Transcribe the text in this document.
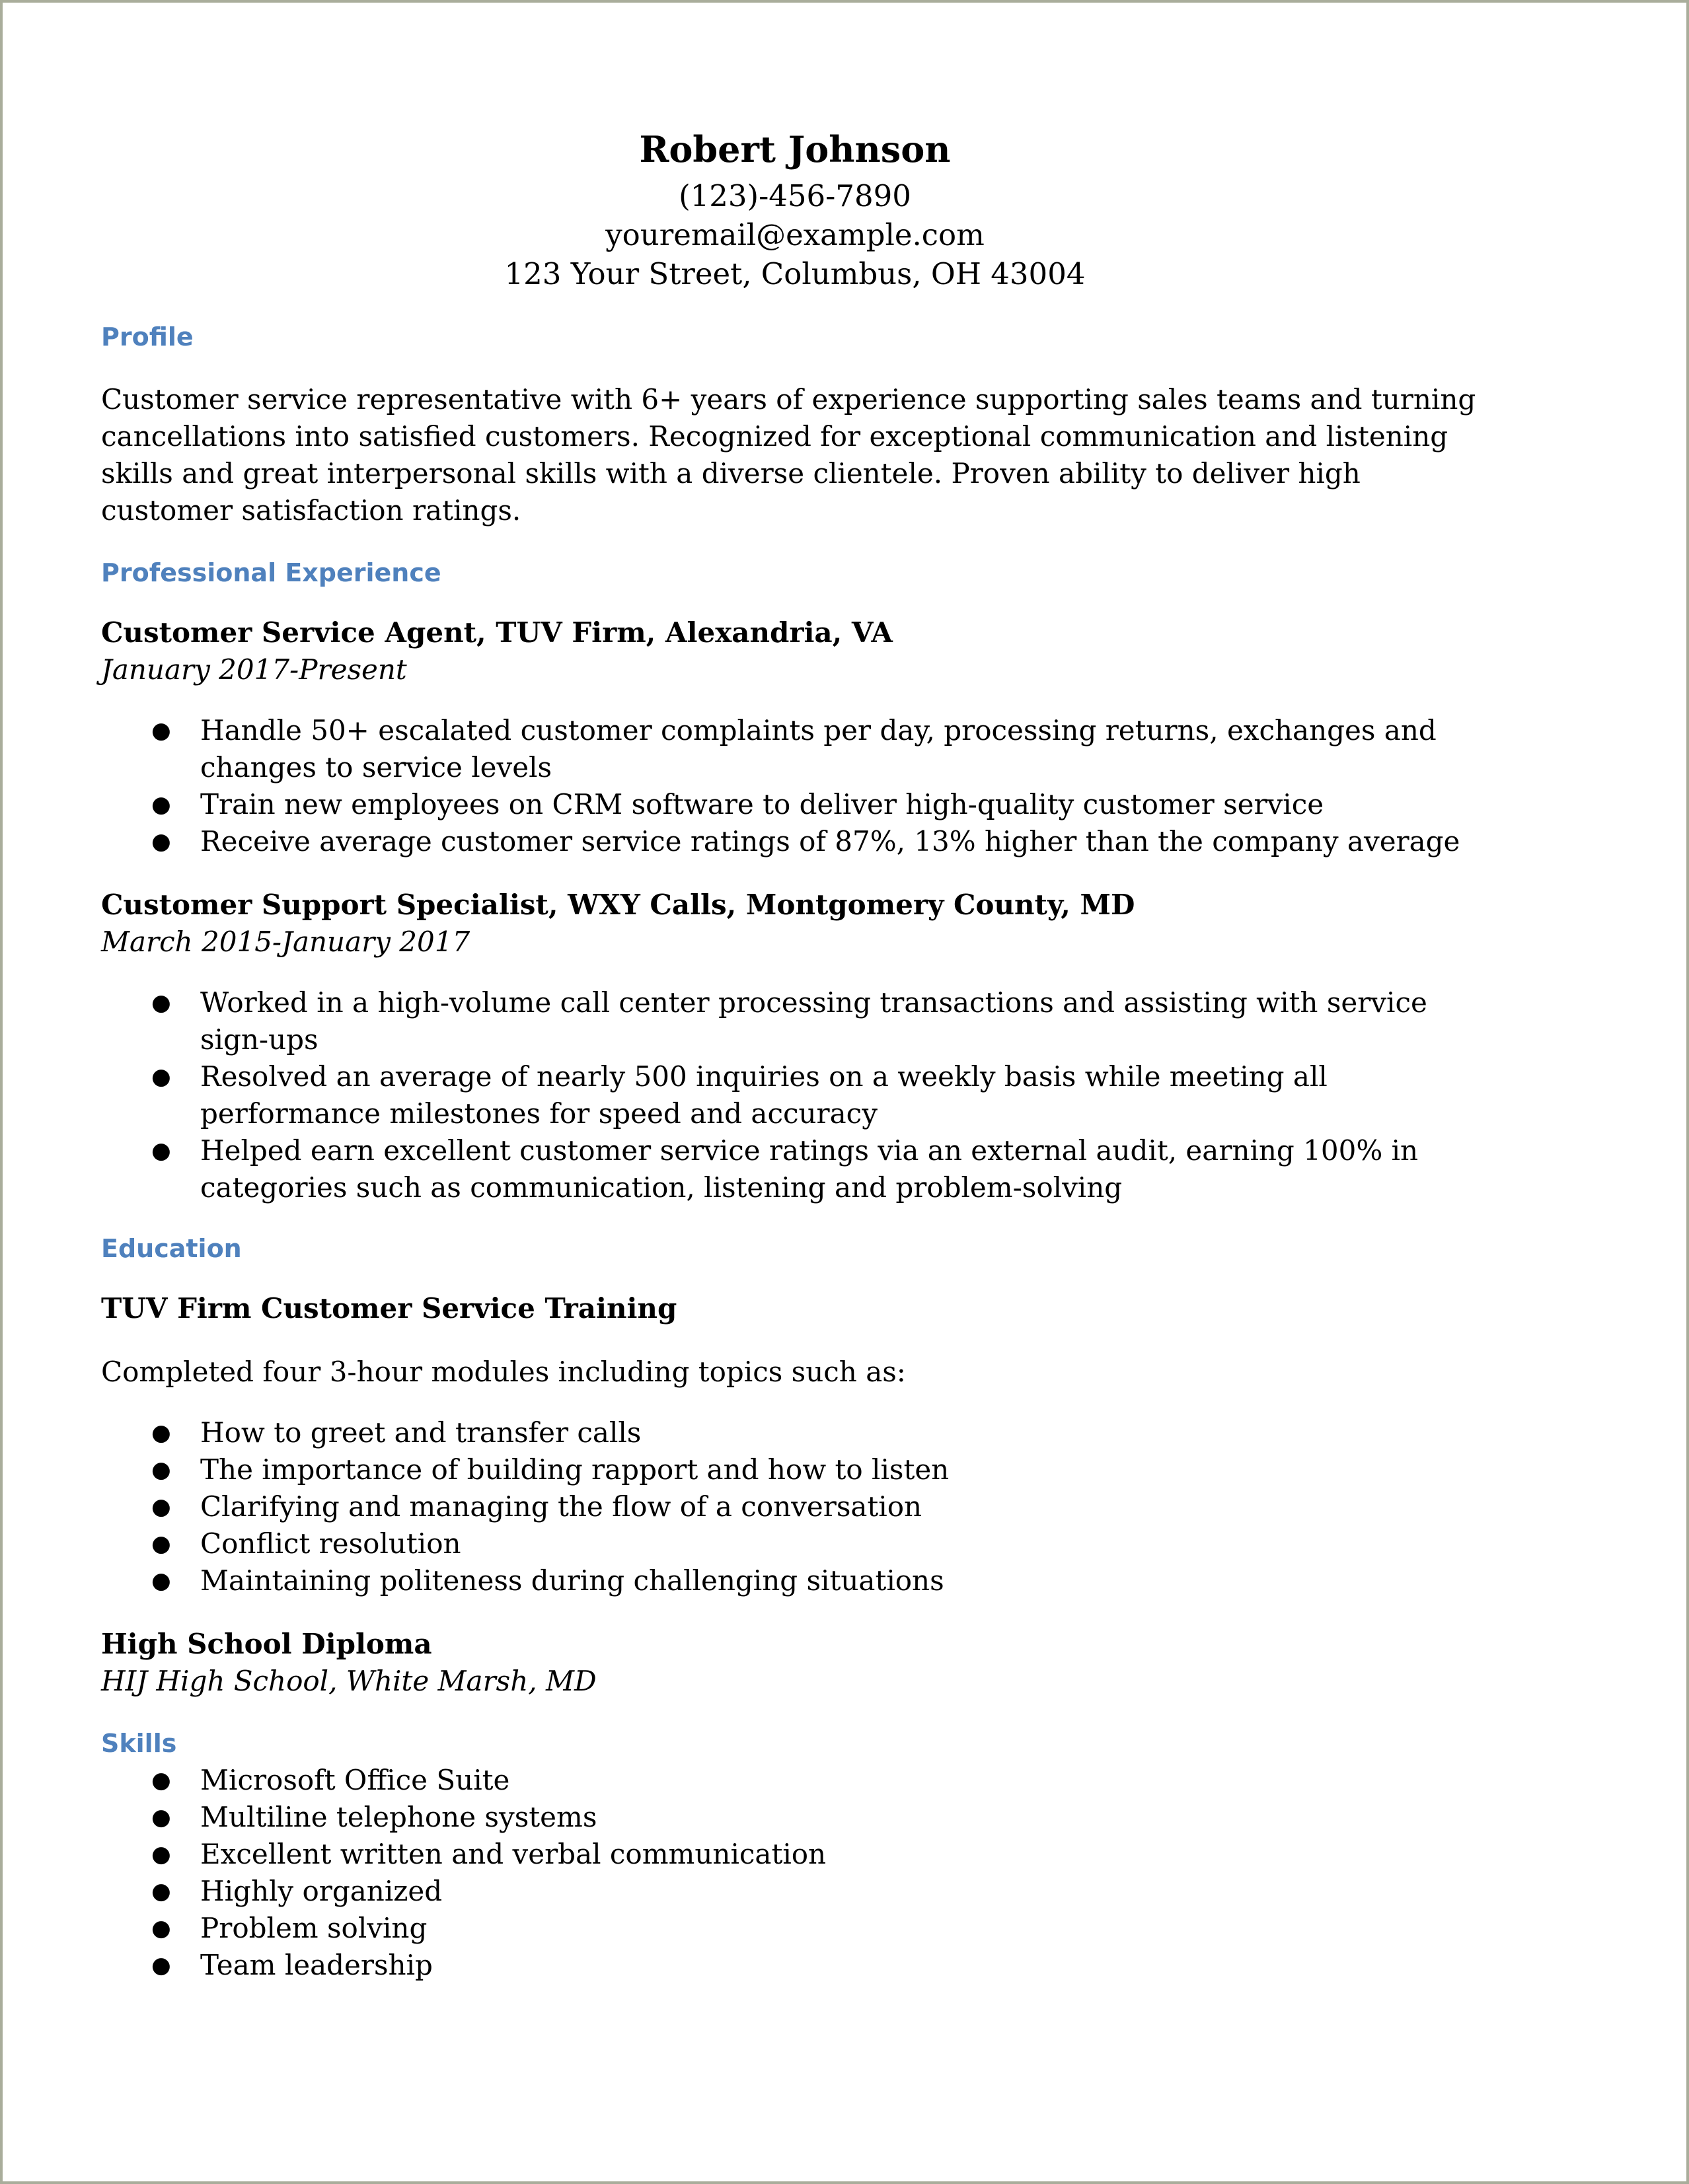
Robert Johnson
(123)-456-7890
youremail@example.com
123 Your Street, Columbus, OH 43004
Profile

Customer service representative with 6+ years of experience supporting sales teams and turning cancellations into satisfied customers. Recognized for exceptional communication and listening skills and great interpersonal skills with a diverse clientele. Proven ability to deliver high customer satisfaction ratings.

Professional Experience

Customer Service Agent, TUV Firm, Alexandria, VA

January 2017-Present

● Handle 50+ escalated customer complaints per day, processing returns, exchanges and changes to service levels
● Train new employees on CRM software to deliver high-quality customer service
● Receive average customer service ratings of 87%, 13% higher than the company average

Customer Support Specialist, WXY Calls, Montgomery County, MD

March 2015-January 2017

● Worked in a high-volume call center processing transactions and assisting with service sign-ups
● Resolved an average of nearly 500 inquiries on a weekly basis while meeting all performance milestones for speed and accuracy
● Helped earn excellent customer service ratings via an external audit, earning 100% in categories such as communication, listening and problem-solving
Education

TUV Firm Customer Service Training

Completed four 3-hour modules including topics such as:

● How to greet and transfer calls
● The importance of building rapport and how to listen
● Clarifying and managing the flow of a conversation
● Conflict resolution
● Maintaining politeness during challenging situations

High School Diploma

HIJ High School, White Marsh, MD

Skills
● Microsoft Office Suite
● Multiline telephone systems
● Excellent written and verbal communication
● Highly organized
● Problem solving
● Team leadership
